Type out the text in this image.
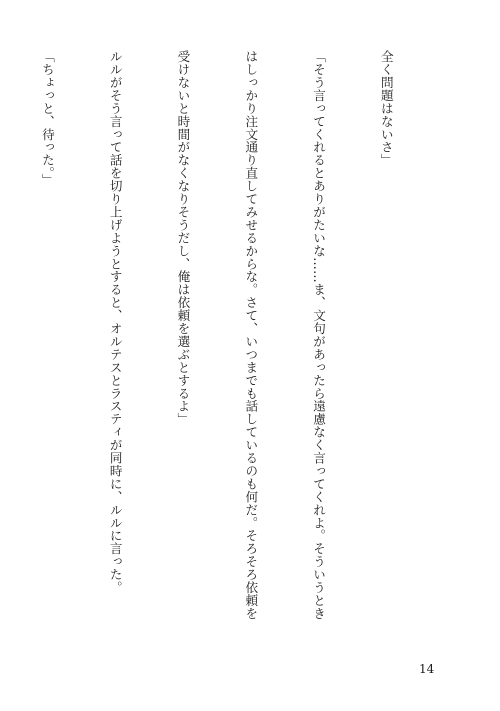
全く問題はないさ」

「そう言ってくれるとありがたいな……ま、文句があったら遠慮なく言ってくれよ。そういうとき

はしっかり注文通り直してみせるからな。さて、いつまでも話しているのも何だ。そろそろ依頼を

受けないと時間がなくなりそうだし、俺は依頼を選ぶとするよ」

ルルがそう言って話を切り上げようとすると、オルテスとラスティが同時に、ルルに言った。

「ちょっと、待った。」

14
